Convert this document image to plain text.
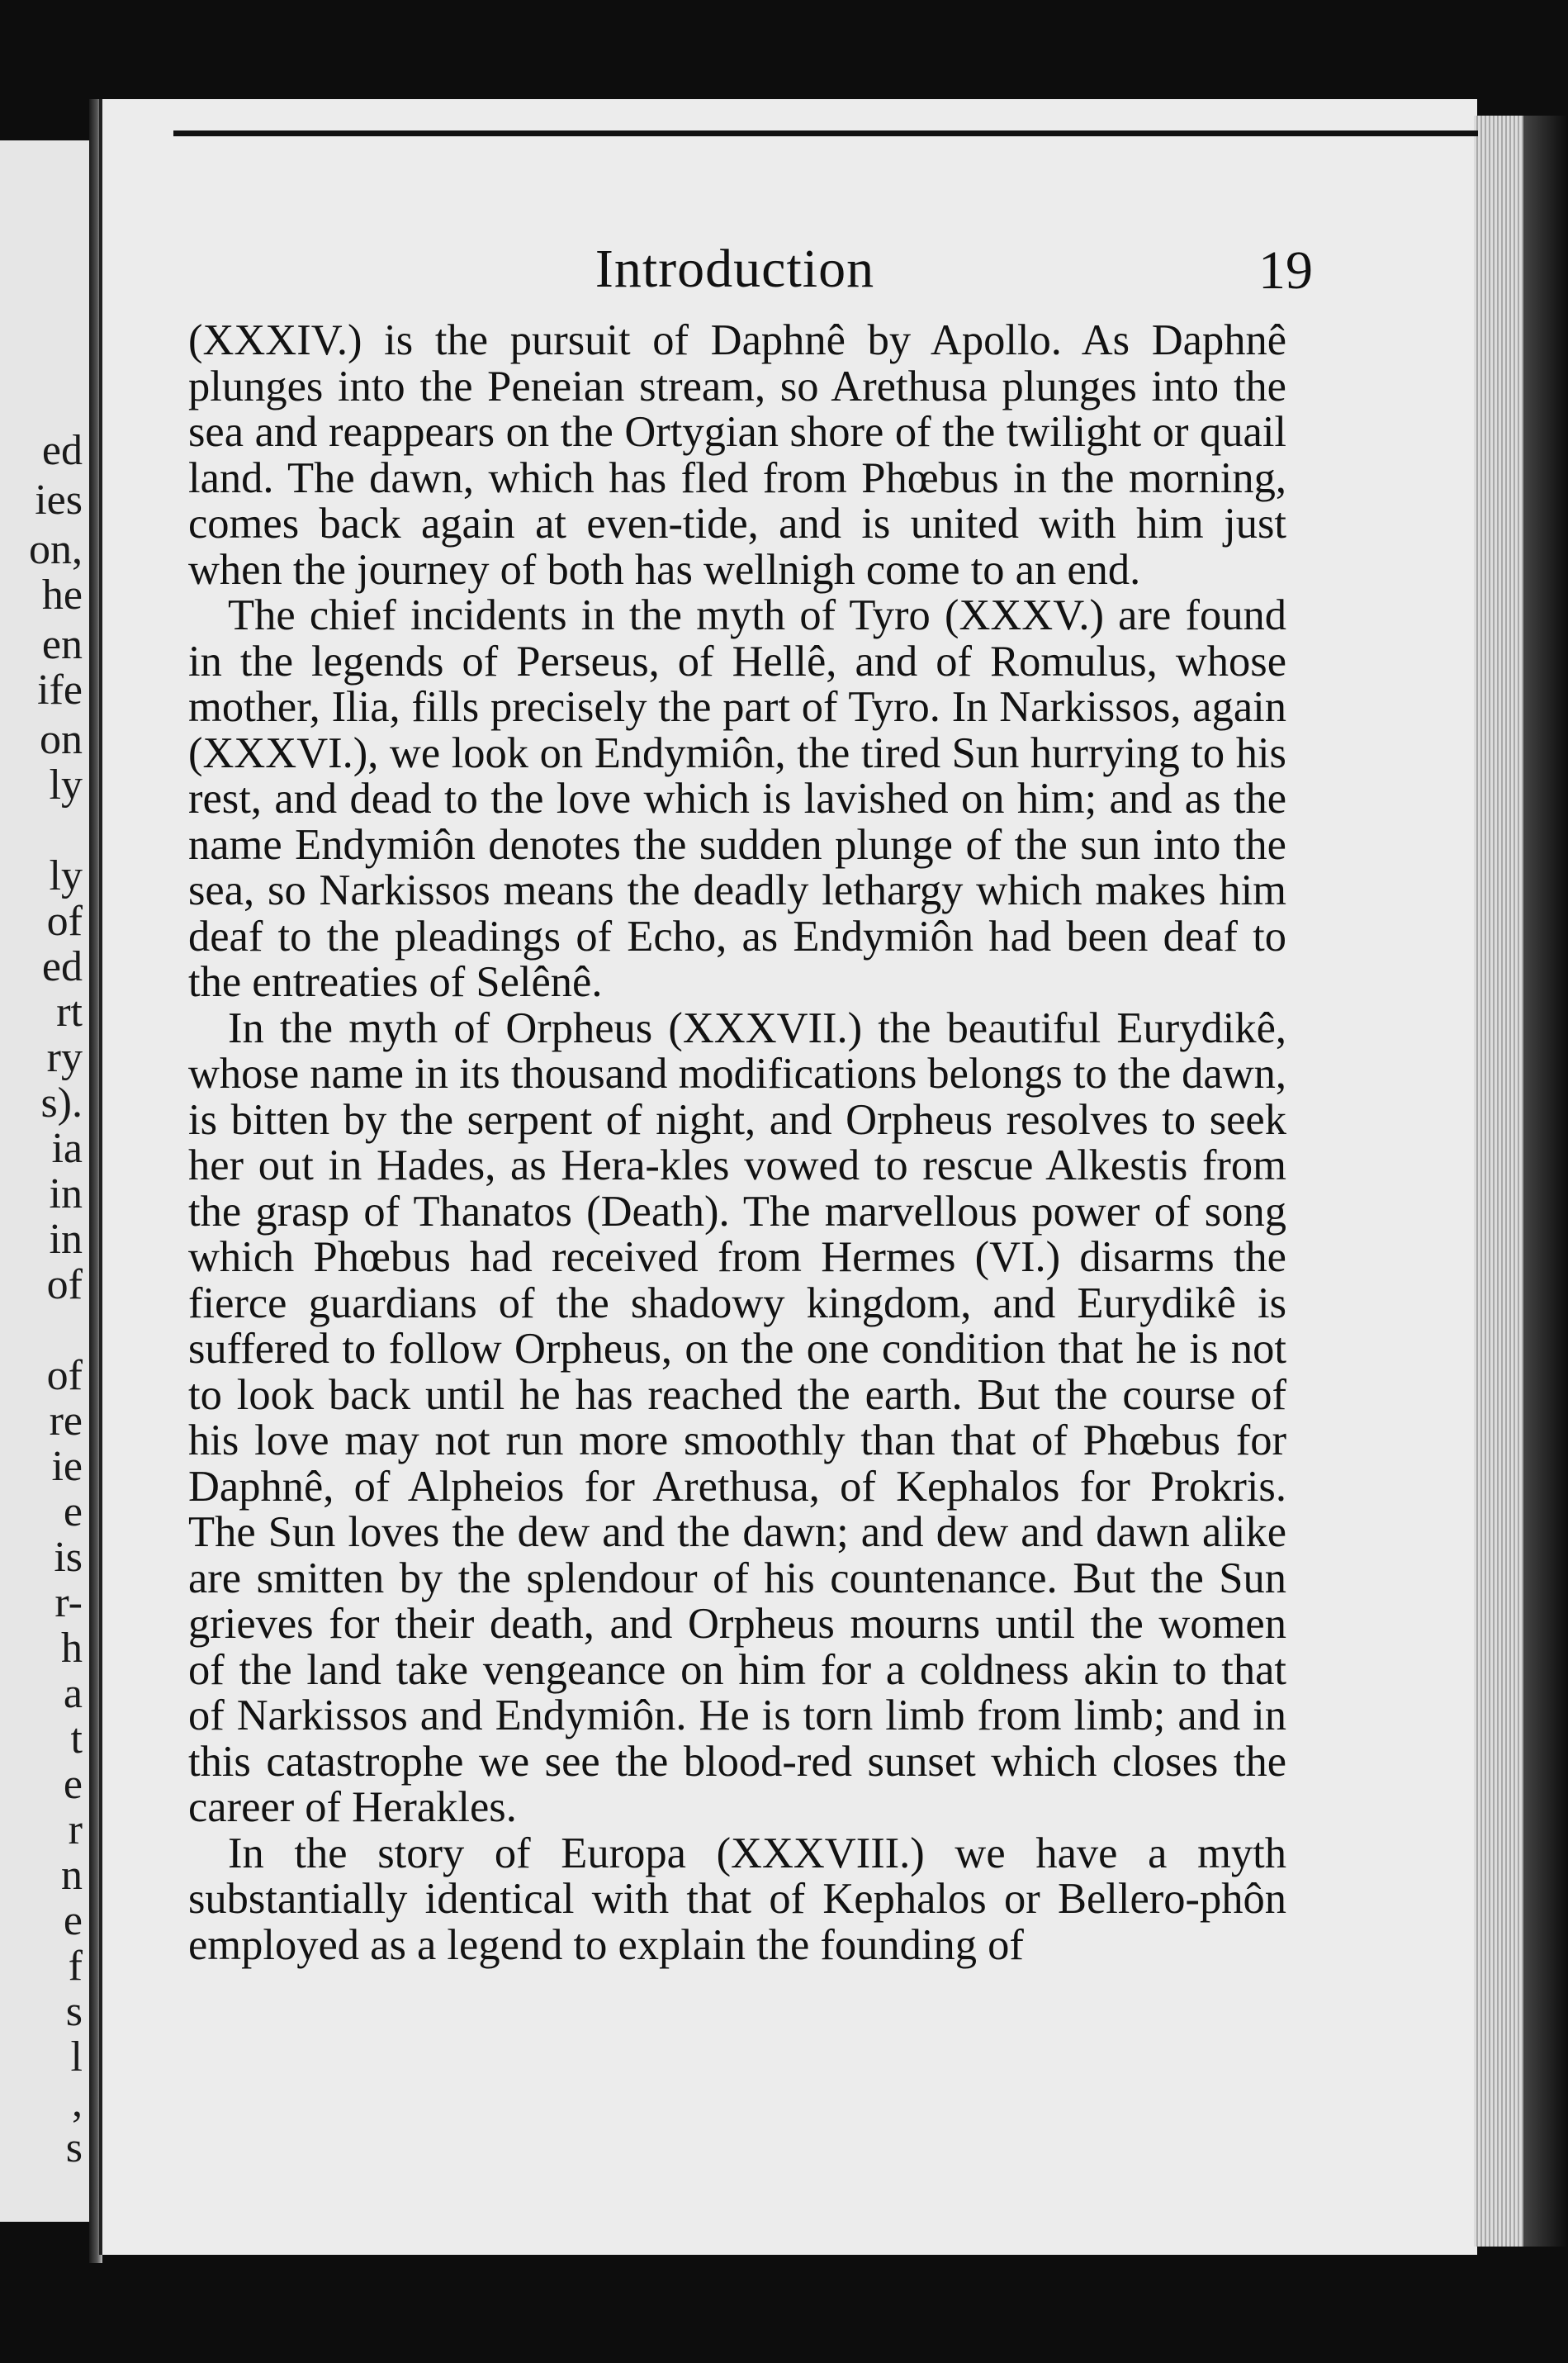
ed
ies
on,
he
en
ife
on
ly
ly
of
ed
rt
ry
s).
ia
in
in
of
of
re
ie
e
is
r-
h
a
t
e
r
n
e
f
s
l
,
s
Introduction	19

(XXXIV.) is the pursuit of Daphnê by Apollo. As Daphnê plunges into the Peneian stream, so Arethusa plunges into the sea and reappears on the Ortygian shore of the twilight or quail land. The dawn, which has fled from Phœbus in the morning, comes back again at even-tide, and is united with him just when the journey of both has wellnigh come to an end.

The chief incidents in the myth of Tyro (XXXV.) are found in the legends of Perseus, of Hellê, and of Romulus, whose mother, Ilia, fills precisely the part of Tyro. In Narkissos, again (XXXVI.), we look on Endymiôn, the tired Sun hurrying to his rest, and dead to the love which is lavished on him; and as the name Endymiôn denotes the sudden plunge of the sun into the sea, so Narkissos means the deadly lethargy which makes him deaf to the pleadings of Echo, as Endymiôn had been deaf to the entreaties of Selênê.

In the myth of Orpheus (XXXVII.) the beautiful Eurydikê, whose name in its thousand modifications belongs to the dawn, is bitten by the serpent of night, and Orpheus resolves to seek her out in Hades, as Hera-kles vowed to rescue Alkestis from the grasp of Thanatos (Death). The marvellous power of song which Phœbus had received from Hermes (VI.) disarms the fierce guardians of the shadowy kingdom, and Eurydikê is suffered to follow Orpheus, on the one condition that he is not to look back until he has reached the earth. But the course of his love may not run more smoothly than that of Phœbus for Daphnê, of Alpheios for Arethusa, of Kephalos for Prokris. The Sun loves the dew and the dawn; and dew and dawn alike are smitten by the splendour of his countenance. But the Sun grieves for their death, and Orpheus mourns until the women of the land take vengeance on him for a coldness akin to that of Narkissos and Endymiôn. He is torn limb from limb; and in this catastrophe we see the blood-red sunset which closes the career of Herakles.

In the story of Europa (XXXVIII.) we have a myth substantially identical with that of Kephalos or Bellero-phôn employed as a legend to explain the founding of
